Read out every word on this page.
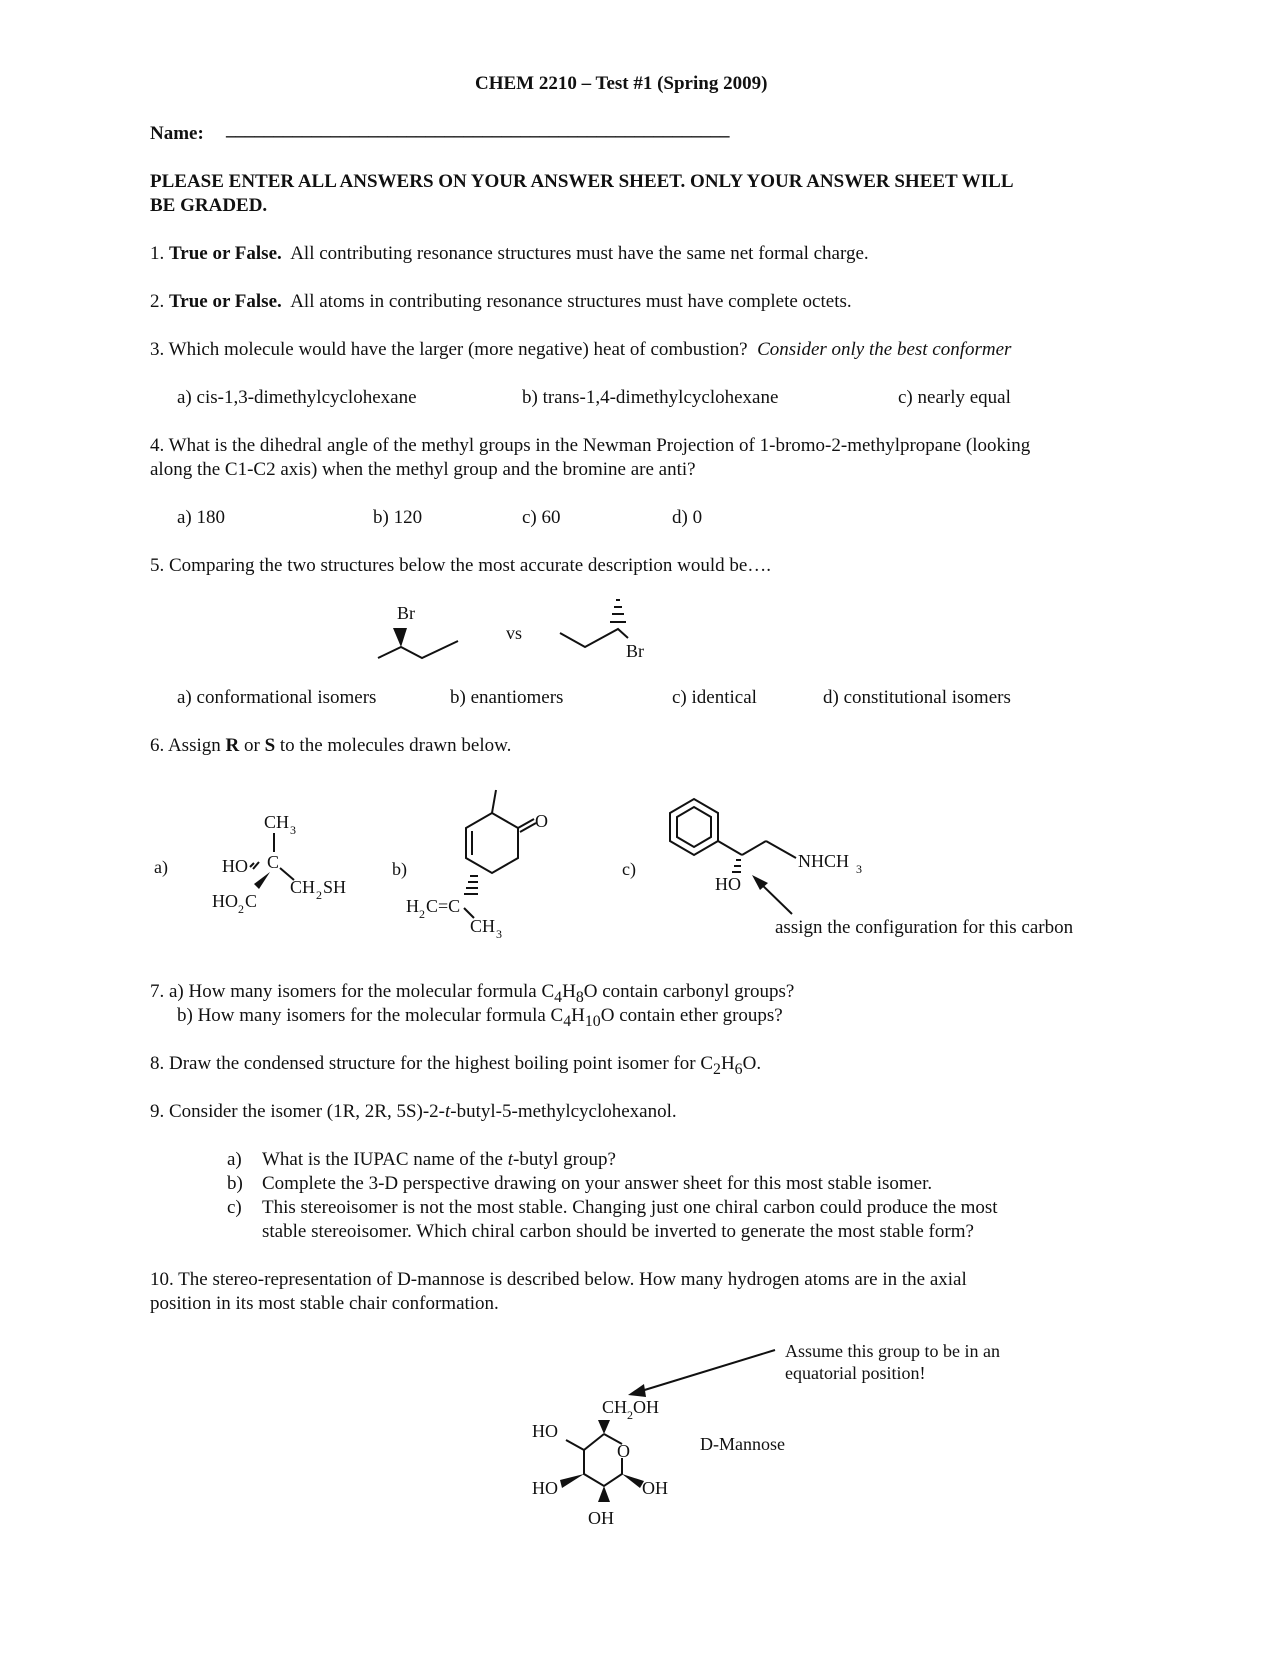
CHEM 2210 – Test #1 (Spring 2009)
Name: _____________________________________________________
PLEASE ENTER ALL ANSWERS ON YOUR ANSWER SHEET. ONLY YOUR ANSWER SHEET WILL
BE GRADED.
1. True or False. All contributing resonance structures must have the same net formal charge.
2. True or False. All atoms in contributing resonance structures must have complete octets.
3. Which molecule would have the larger (more negative) heat of combustion? Consider only the best conformer
a) cis-1,3-dimethylcyclohexane	b) trans-1,4-dimethylcyclohexane	c) nearly equal
4. What is the dihedral angle of the methyl groups in the Newman Projection of 1-bromo-2-methylpropane (looking
along the C1-C2 axis) when the methyl group and the bromine are anti?
a) 180	b) 120	c) 60	d) 0
5. Comparing the two structures below the most accurate description would be….
Br
vs
Br
a) conformational isomers	b) enantiomers	c) identical	d) constitutional isomers
6. Assign R or S to the molecules drawn below.
a)
CH 3
HO C
CH 2 SH
HO 2 C
b)
O
H 2 C=C
CH 3
c)
HO
NHCH 3
assign the configuration for this carbon
7. a) How many isomers for the molecular formula $C_4H_8O$ contain carbonyl groups?
b) How many isomers for the molecular formula $C_4H_{10}O$ contain ether groups?
8. Draw the condensed structure for the highest boiling point isomer for $C_2H_6O$.
9. Consider the isomer (1R, 2R, 5S)-2-t-butyl-5-methylcyclohexanol.
a) What is the IUPAC name of the t-butyl group?
b) Complete the 3-D perspective drawing on your answer sheet for this most stable isomer.
c) This stereoisomer is not the most stable. Changing just one chiral carbon could produce the most
stable stereoisomer. Which chiral carbon should be inverted to generate the most stable form?
10. The stereo-representation of D-mannose is described below. How many hydrogen atoms are in the axial
position in its most stable chair conformation.
Assume this group to be in an
equatorial position!
$CH_2OH$
O
HO
HO	OH
OH
D-Mannose
